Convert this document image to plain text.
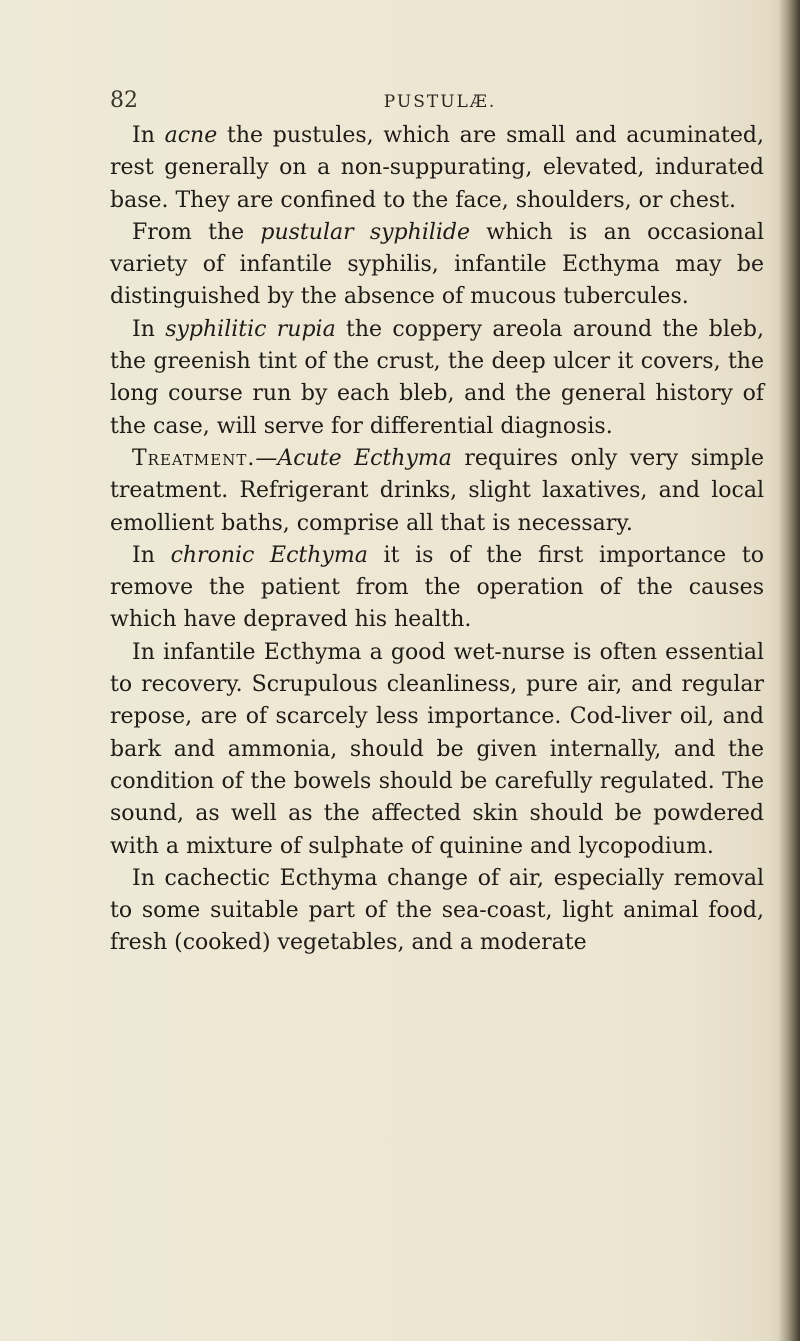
82	PUSTULÆ.

In acne the pustules, which are small and acuminated, rest generally on a non-suppurating, elevated, indurated base. They are confined to the face, shoulders, or chest.

From the pustular syphilide which is an occasional variety of infantile syphilis, infantile Ecthyma may be distinguished by the absence of mucous tubercules.

In syphilitic rupia the coppery areola around the bleb, the greenish tint of the crust, the deep ulcer it covers, the long course run by each bleb, and the general history of the case, will serve for differential diagnosis.

Treatment.—Acute Ecthyma requires only very simple treatment. Refrigerant drinks, slight laxatives, and local emollient baths, comprise all that is necessary.

In chronic Ecthyma it is of the first importance to remove the patient from the operation of the causes which have depraved his health.

In infantile Ecthyma a good wet-nurse is often essential to recovery. Scrupulous cleanliness, pure air, and regular repose, are of scarcely less importance. Cod-liver oil, and bark and ammonia, should be given internally, and the condition of the bowels should be carefully regulated. The sound, as well as the affected skin should be powdered with a mixture of sulphate of quinine and lycopodium.

In cachectic Ecthyma change of air, especially removal to some suitable part of the sea-coast, light animal food, fresh (cooked) vegetables, and a moderate
